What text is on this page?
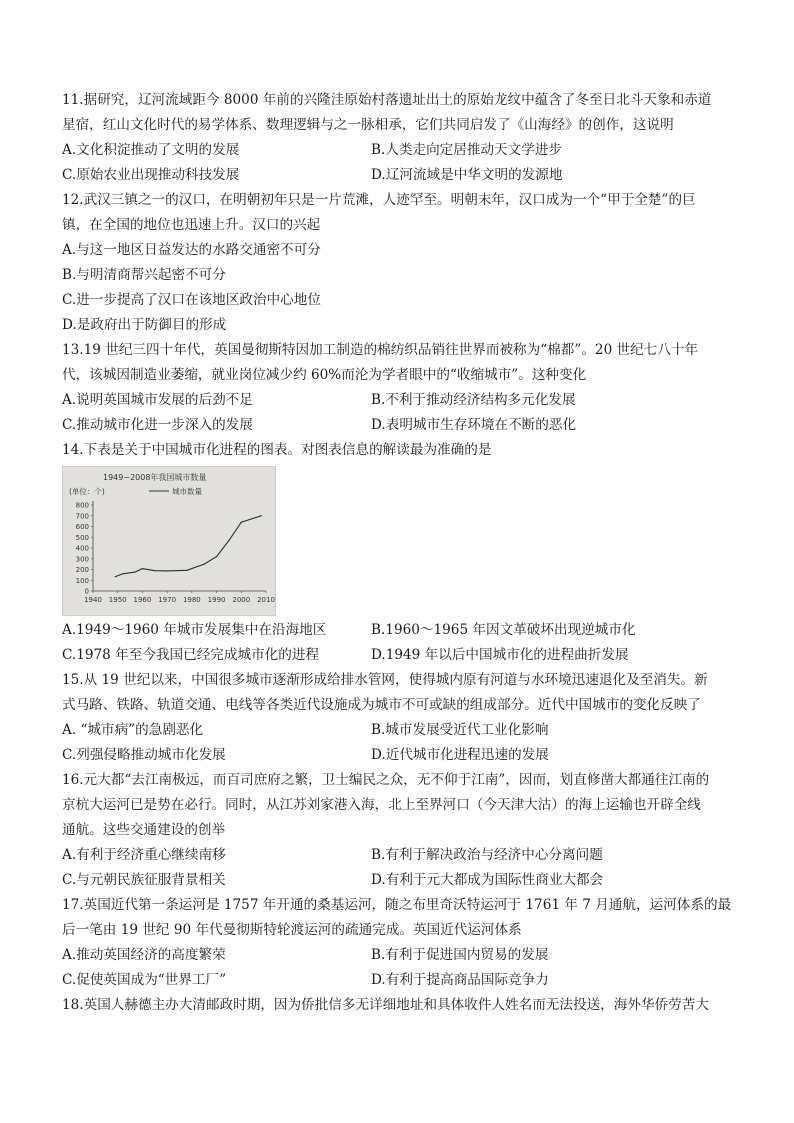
11.据研究，辽河流域距今 8000 年前的兴隆洼原始村落遗址出土的原始龙纹中蕴含了冬至日北斗天象和赤道
星宿，红山文化时代的易学体系、数理逻辑与之一脉相承，它们共同启发了《山海经》的创作，这说明
A.文化积淀推动了文明的发展	B.人类走向定居推动天文学进步
C.原始农业出现推动科技发展	D.辽河流域是中华文明的发源地
12.武汉三镇之一的汉口，在明朝初年只是一片荒滩，人迹罕至。明朝末年，汉口成为一个“甲于全楚”的巨
镇，在全国的地位也迅速上升。汉口的兴起
A.与这一地区日益发达的水路交通密不可分
B.与明清商帮兴起密不可分
C.进一步提高了汉口在该地区政治中心地位
D.是政府出于防御目的形成
13.19 世纪三四十年代，英国曼彻斯特因加工制造的棉纺织品销往世界而被称为“棉都”。20 世纪七八十年
代，该城因制造业萎缩，就业岗位减少约 60%而沦为学者眼中的“收缩城市”。这种变化
A.说明英国城市发展的后劲不足	B.不利于推动经济结构多元化发展
C.推动城市化进一步深入的发展	D.表明城市生存环境在不断的恶化
14.下表是关于中国城市化进程的图表。对图表信息的解读最为准确的是
1949−2008年我国城市数量
(单位：个)	城市数量
0
100
200
300
400
500
600
700
800
1940 1950 1960 1970 1980 1990 2000 2010
A.1949～1960 年城市发展集中在沿海地区	B.1960～1965 年因文革破坏出现逆城市化
C.1978 年至今我国已经完成城市化的进程	D.1949 年以后中国城市化的进程曲折发展
15.从 19 世纪以来，中国很多城市逐渐形成给排水管网，使得城内原有河道与水环境迅速退化及至消失。新
式马路、铁路、轨道交通、电线等各类近代设施成为城市不可或缺的组成部分。近代中国城市的变化反映了
A. “城市病”的急剧恶化	B.城市发展受近代工业化影响
C.列强侵略推动城市化发展	D.近代城市化进程迅速的发展
16.元大都“去江南极远，而百司庶府之繁，卫士编民之众，无不仰于江南”，因而，划直修凿大都通往江南的
京杭大运河已是势在必行。同时，从江苏刘家港入海，北上至界河口（今天津大沽）的海上运输也开辟全线
通航。这些交通建设的创举
A.有利于经济重心继续南移	B.有利于解决政治与经济中心分离问题
C.与元朝民族征服背景相关	D.有利于元大都成为国际性商业大都会
17.英国近代第一条运河是 1757 年开通的桑基运河，随之布里奇沃特运河于 1761 年 7 月通航，运河体系的最
后一笔由 19 世纪 90 年代曼彻斯特轮渡运河的疏通完成。英国近代运河体系
A.推动英国经济的高度繁荣	B.有利于促进国内贸易的发展
C.促使英国成为“世界工厂”	D.有利于提高商品国际竞争力
18.英国人赫德主办大清邮政时期，因为侨批信多无详细地址和具体收件人姓名而无法投送，海外华侨劳苦大
